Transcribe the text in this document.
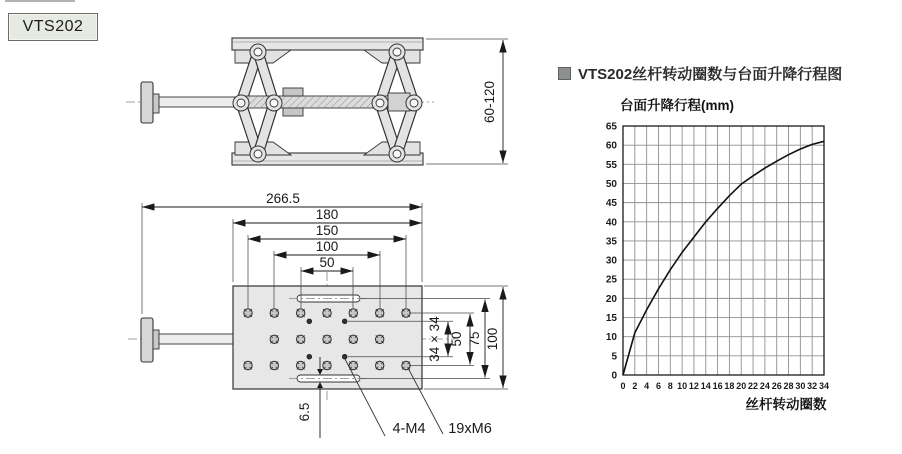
VTS202
VTS202丝杆转动圈数与台面升降行程图
60-120
266.5
180
150
100
50
34 × 34 50 75 100
6.5
4-M4 19xM6
台面升降行程(mm)
0 2 4 6 8 10 12 14 16 18 20 22 24 26 28 30 32 34
0
5
10
15
20
25
30
35
40
45
50
55
60
65
丝杆转动圈数
